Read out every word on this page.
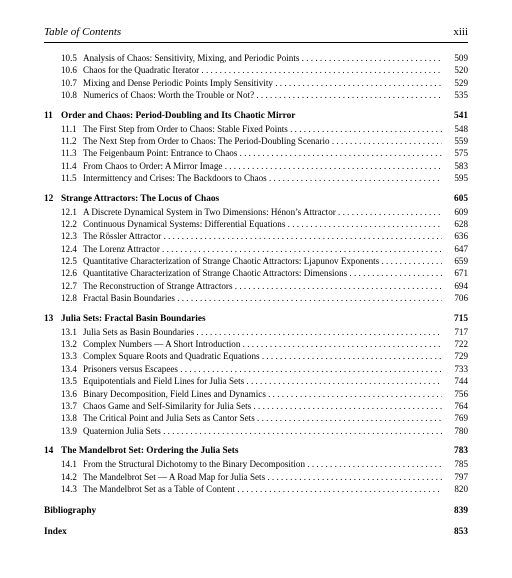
Table of Contents	xiii
10.5 Analysis of Chaos: Sensitivity, Mixing, and Periodic Points . . .	509
10.6 Chaos for the Quadratic Iterator . . .	520
10.7 Mixing and Dense Periodic Points Imply Sensitivity . . .	529
10.8 Numerics of Chaos: Worth the Trouble or Not? . . .	535
11 Order and Chaos: Period-Doubling and Its Chaotic Mirror	541
11.1 The First Step from Order to Chaos: Stable Fixed Points . . .	548
11.2 The Next Step from Order to Chaos: The Period-Doubling Scenario . . .	559
11.3 The Feigenbaum Point: Entrance to Chaos . . .	575
11.4 From Chaos to Order: A Mirror Image . . .	583
11.5 Intermittency and Crises: The Backdoors to Chaos . . .	595
12 Strange Attractors: The Locus of Chaos	605
12.1 A Discrete Dynamical System in Two Dimensions: Hénon’s Attractor . . .	609
12.2 Continuous Dynamical Systems: Differential Equations . . .	628
12.3 The Rössler Attractor . . .	636
12.4 The Lorenz Attractor . . .	647
12.5 Quantitative Characterization of Strange Chaotic Attractors: Ljapunov Exponents . . .	659
12.6 Quantitative Characterization of Strange Chaotic Attractors: Dimensions . . .	671
12.7 The Reconstruction of Strange Attractors . . .	694
12.8 Fractal Basin Boundaries . . .	706
13 Julia Sets: Fractal Basin Boundaries	715
13.1 Julia Sets as Basin Boundaries . . .	717
13.2 Complex Numbers — A Short Introduction . . .	722
13.3 Complex Square Roots and Quadratic Equations . . .	729
13.4 Prisoners versus Escapees . . .	733
13.5 Equipotentials and Field Lines for Julia Sets . . .	744
13.6 Binary Decomposition, Field Lines and Dynamics . . .	756
13.7 Chaos Game and Self-Similarity for Julia Sets . . .	764
13.8 The Critical Point and Julia Sets as Cantor Sets . . .	769
13.9 Quaternion Julia Sets . . .	780
14 The Mandelbrot Set: Ordering the Julia Sets	783
14.1 From the Structural Dichotomy to the Binary Decomposition . . .	785
14.2 The Mandelbrot Set — A Road Map for Julia Sets . . .	797
14.3 The Mandelbrot Set as a Table of Content . . .	820
Bibliography	839
Index	853
